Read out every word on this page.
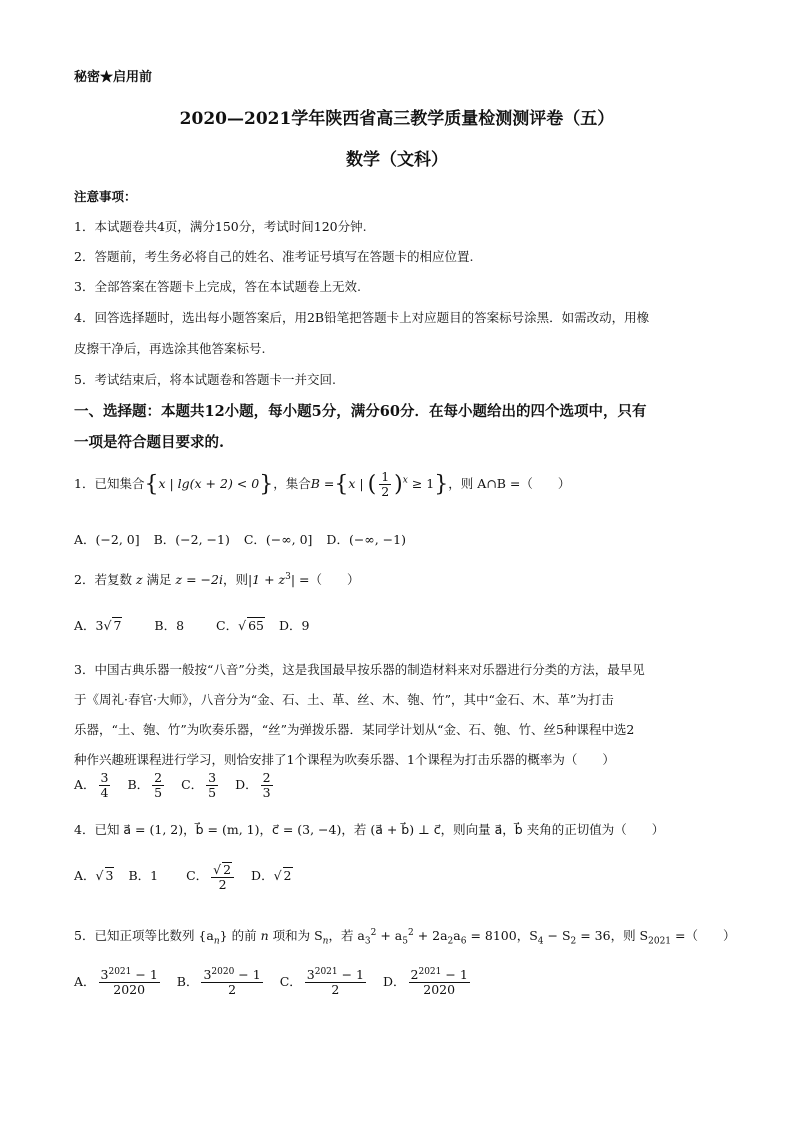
秘密★启用前
2020—2021学年陕西省高三教学质量检测测评卷（五）
数学（文科）
注意事项：
1．本试题卷共4页，满分150分，考试时间120分钟.
2．答题前，考生务必将自己的姓名、准考证号填写在答题卡的相应位置.
3．全部答案在答题卡上完成，答在本试题卷上无效.
4．回答选择题时，选出每小题答案后，用2B铅笔把答题卡上对应题目的答案标号涂黑．如需改动，用橡
皮擦干净后，再选涂其他答案标号.
5．考试结束后，将本试题卷和答题卡一并交回.
一、选择题：本题共12小题，每小题5分，满分60分．在每小题给出的四个选项中，只有
一项是符合题目要求的.
1．已知集合{x | lg(x + 2) < 0}，集合B ={x | ( $\frac{1}{2} )^x \ge 1$}，则 A∩B =（　　）
A．(−2, 0] B．(−2, −1) C．(−∞, 0] D．(−∞, −1)
2．若复数 z 满足 z = −2i，则$|1 + z^3|$ =（　　）
A．3√ 7	B．8	C．√ 65 D．9
3．中国古典乐器一般按“八音”分类，这是我国最早按乐器的制造材料来对乐器进行分类的方法，最早见
于《周礼·春官·大师》，八音分为“金、石、土、革、丝、木、匏、竹”，其中“金石、木、革”为打击
乐器，“土、匏、竹”为吹奏乐器，“丝”为弹拨乐器．某同学计划从“金、石、匏、竹、丝5种课程中选2
种作兴趣班课程进行学习，则恰安排了1个课程为吹奏乐器、1个课程为打击乐器的概率为（　　）
A． $\frac{3}{4}$ B． $\frac{2}{5}$ C． $\frac{3}{5}$ D． $\frac{2}{3}$
4．已知 a⃗ = (1, 2)，b⃗ = (m, 1)，c⃗ = (3, −4)，若 (a⃗ + b⃗) ⊥ c⃗，则向量 a⃗，b⃗ 夹角的正切值为（　　）
A．√ 3 B．1 C． $\frac{√ 2}{2}$ D．√ 2
5．已知正项等比数列 $\{a_n\}$ 的前 n 项和为 $S_n$，若 $a_3^2 + a_5^2 + 2a_2a_6 = 8100$，$S_4 - S_2 = 36$，则 $S_{2021}$ =（　　）
A． $\frac{3^{2021} - 1}{2020}$ B． $\frac{3^{2020} - 1}{2}$ C． $\frac{3^{2021} - 1}{2}$ D． $\frac{2^{2021} - 1}{2020}$
